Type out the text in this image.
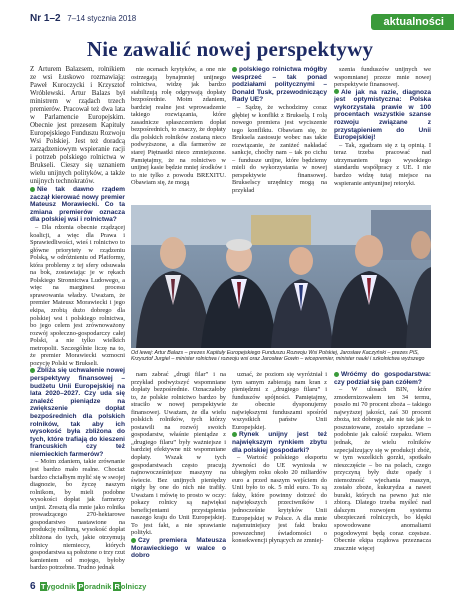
Nr 1–2 7–14 stycznia 2018	aktualności
Nie zawalić nowej perspektywy
Z Arturem Balazsem, rolnikiem ze wsi Łuskowo rozmawiają: Paweł Kuroczycki i Krzysztof Wróblewski. Artur Balazs był ministrem w rządach trzech premierów. Pracował też dwa lata w Parlamencie Europejskim. Obecnie jest prezesem Kapituły Europejskiego Funduszu Rozwoju Wsi Polskiej. Jest też doradcą zarządzeniowym wspieranie racji i potrzeb polskiego rolnictwa w Brukseli. Cieszy się uznaniem wielu unijnych polityków, a także unijnych technokratów.

Nie tak dawno rządem zaczął kierować nowy premier Mateusz Morawiecki. Co ta zmiana premierów oznacza dla polskiej wsi i rolnictwa?

– Dla rdzenia obecnie rządzącej koalicji, a więc dla Prawa i Sprawiedliwości, wieś i rolnictwo to główne priorytety w rządzeniu Polską, w odróżnieniu od Platformy, która problemy z tej sfery odsuwała na bok, zostawiając je w rękach Polskiego Stronnictwa Ludowego, a więc na marginesi procesu sprawowania władzy. Uważam, że premier Mateusz Morawiecki i jego ekipa, zrobią dużo dobrego dla polskiej wsi i polskiego rolnictwa, bo jego celem jest zrównoważony rozwój społeczno-gospodarczy całej Polski, a nie tylko wielkich metropolii. Szczególnie liczę na to, że premier Morawiecki wzmocni pozycję Polski w Brukseli.

Zbliża się uchwalenie nowej perspektywy finansowej – budżetu Unii Europejskiej na lata 2020–2027. Czy uda się znaleźć pieniądze na zwiększenie dopłat bezpośrednich dla polskich rolników, tak aby ich wysokość była zbliżona do tych, które trafiają do kieszeni francuskich czy też niemieckich farmerów?

– Moim zdaniem, takie zrównanie jest bardzo mało realne. Chociaż bardzo chciałbym mylić się w swojej diagnozie, bo życzę naszym rolnikom, by mieli podobne wysokości dopłat jak farmerzy unijni. Zresztą dla mnie jako rolnika prowadzącego 270-hektarowe gospodarstwo nastawione na produkcję roślinną, wysokość dopłat zbliżona do tych, jakie otrzymują rolnicy niemieccy, których gospodarstwa są położone o trzy rzut kamieniem od mojego, byłoby bardzo potrzebne. Trudno jednak

nie ocenach krytyków, a one nie ostrzegają bynajmniej unijnego rolnictwa, widzę jak bardzo stabilizują rolę odgrywają dopłaty bezpośrednie. Moim zdaniem, bardziej realne jest wprowadzenie takiego rozwiązania, które zasadnicze spłaszczeniem dopłat bezpośrednich, to znaczy, że dopłaty dla polskich rolników zostaną nieco podwyższone, a dla farmerów ze starej Piętnastki nieco zmniejszone. Pamiętajmy, że na rolnictwo w unijnej kasie będzie mniej środków i to nie tylko z powodu BREXITU. Obawiam się, że mogą

polskiego rolnictwa mógłby wesprzeć – tak ponad podziałami politycznymi – Donald Tusk, przewodniczący Rady UE?

– Sądzę, że wchodzimy coraz głębiej w konflikt z Brukselą. I rolą nowego premiera jest wyciszenie tego konfliktu. Obawiam się, że Bruksela zastosuje wobec nas takie rozwiązanie, że zaniżeć nakładać sankcje, choćby nam – tak po cichu – fundusze unijne, które będziemy mieli do wykorzystania w nowej perspektywie finansowej. Brukselscy urzędnicy mogą na przykład

szenia funduszów unijnych we wspomnianej przeze mnie nowej perspektywie finansowej.

Ale jak na razie, diagnoza jest optymistyczna: Polska wykorzystała prawie w 100 procentach wszystkie szanse rozwoju związane z przystąpieniem do Unii Europejskiej!

– Tak, zgadzam się z tą opinią. I teraz trzeba pracować nad utrzymaniem tego wysokiego standardu współpracy z UE. I nie bardzo widzę tutaj miejsce na wspieranie antyunijnej retoryki.

Od lewej: Artur Balazs – prezes Kapituły Europejskiego Funduszu Rozwoju Wsi Polskiej, Jarosław Kaczyński – prezes PiS, Krzysztof Jurgiel – minister rolnictwa i rozwoju wsi oraz Jarosław Gowin – wicepremier, minister nauki i szkolnictwa wyższego

nam zabrać „drugi filar” i na przykład podwyższyć wspomniane dopłaty bezpośrednie. Oznaczałoby to, że polskie rolnictwo bardzo by straciło w nowej perspektywie finansowej. Uważam, że dla wielu polskich rolników, tych którzy postawili na rozwój swoich gospodarstw, właśnie pieniądze z „drugiego filaru” były ważniejsze i bardziej efektywne niż wspomniane dopłaty. Wszak w tych gospodarstwach często pracują najnowocześniejsze maszyny na świecie. Bez unijnych pieniędzy nigdy by one do nich nie trafiły. Uważam i mówię to prosto w oczy: pokazy rolnicy są najwięksi beneficjentami przystąpienia naszego kraju do Unii Europejskiej. To jest fakt, a nie sprawianie polityki.

Czy premiera Mateusza Morawieckiego w walce o dobro

uznać, że poziom się wyróżniał i tym samym zabierają nam kran z pieniędzmi z „drugiego filaru” i funduszów spójności. Pamiętajmy, że obecnie dysponujemy największymi funduszami spośród wszystkich państw Unii Europejskiej.

Rynek unijny jest też największym rynkiem zbytu dla polskiej gospodarki?

– Wartość polskiego eksportu żywności do UE wyniosła w ubiegłym roku około 20 miliardów euro a przed naszym wejściem do Unii było to ok. 5 mld euro. To są fakty, które powinny dotrzeć do największych przeciwników i jednocześnie krytyków Unii Europejskiej w Polsce. A dla mnie najsmutniejszy jest fakt braku powszechnej świadomości o konsekwencji płynących ze zmniej-

Wróćmy do gospodarstwa: czy podział się pan czółem?

– W ulosach BIN, które zmodernizowałem ten 34 termu, poszło mi 70 procent zboża – takiego najwyższej jakości, zaś 30 procent zboża, też dobrego, ale nie tak jak to poszustowane, zostało sprzedane – podobnie jak całość rzepaku. Wiem jednak, że wielu rolników szpecjalizujący się w produkcji zbóż, w tym wszelkich gorzki, spotkało nieszczęście – bo na polach, czego przyczyną były duże opady i niemożność wjechania maszyn, zostało zboże, kukurydza a nawet buraki, których na pewno już nie zbiorą. Dlatego trzeba myśleć nad dalszym rozwojem systemu ubezpieczeń rolniczych, bo klęski spowodowane anomaliami pogodowymi będą coraz częstsze. Obecnie ekipa rządowa przeznacza znacznie więcej

6 Tygodnik Poradnik Rolniczy
